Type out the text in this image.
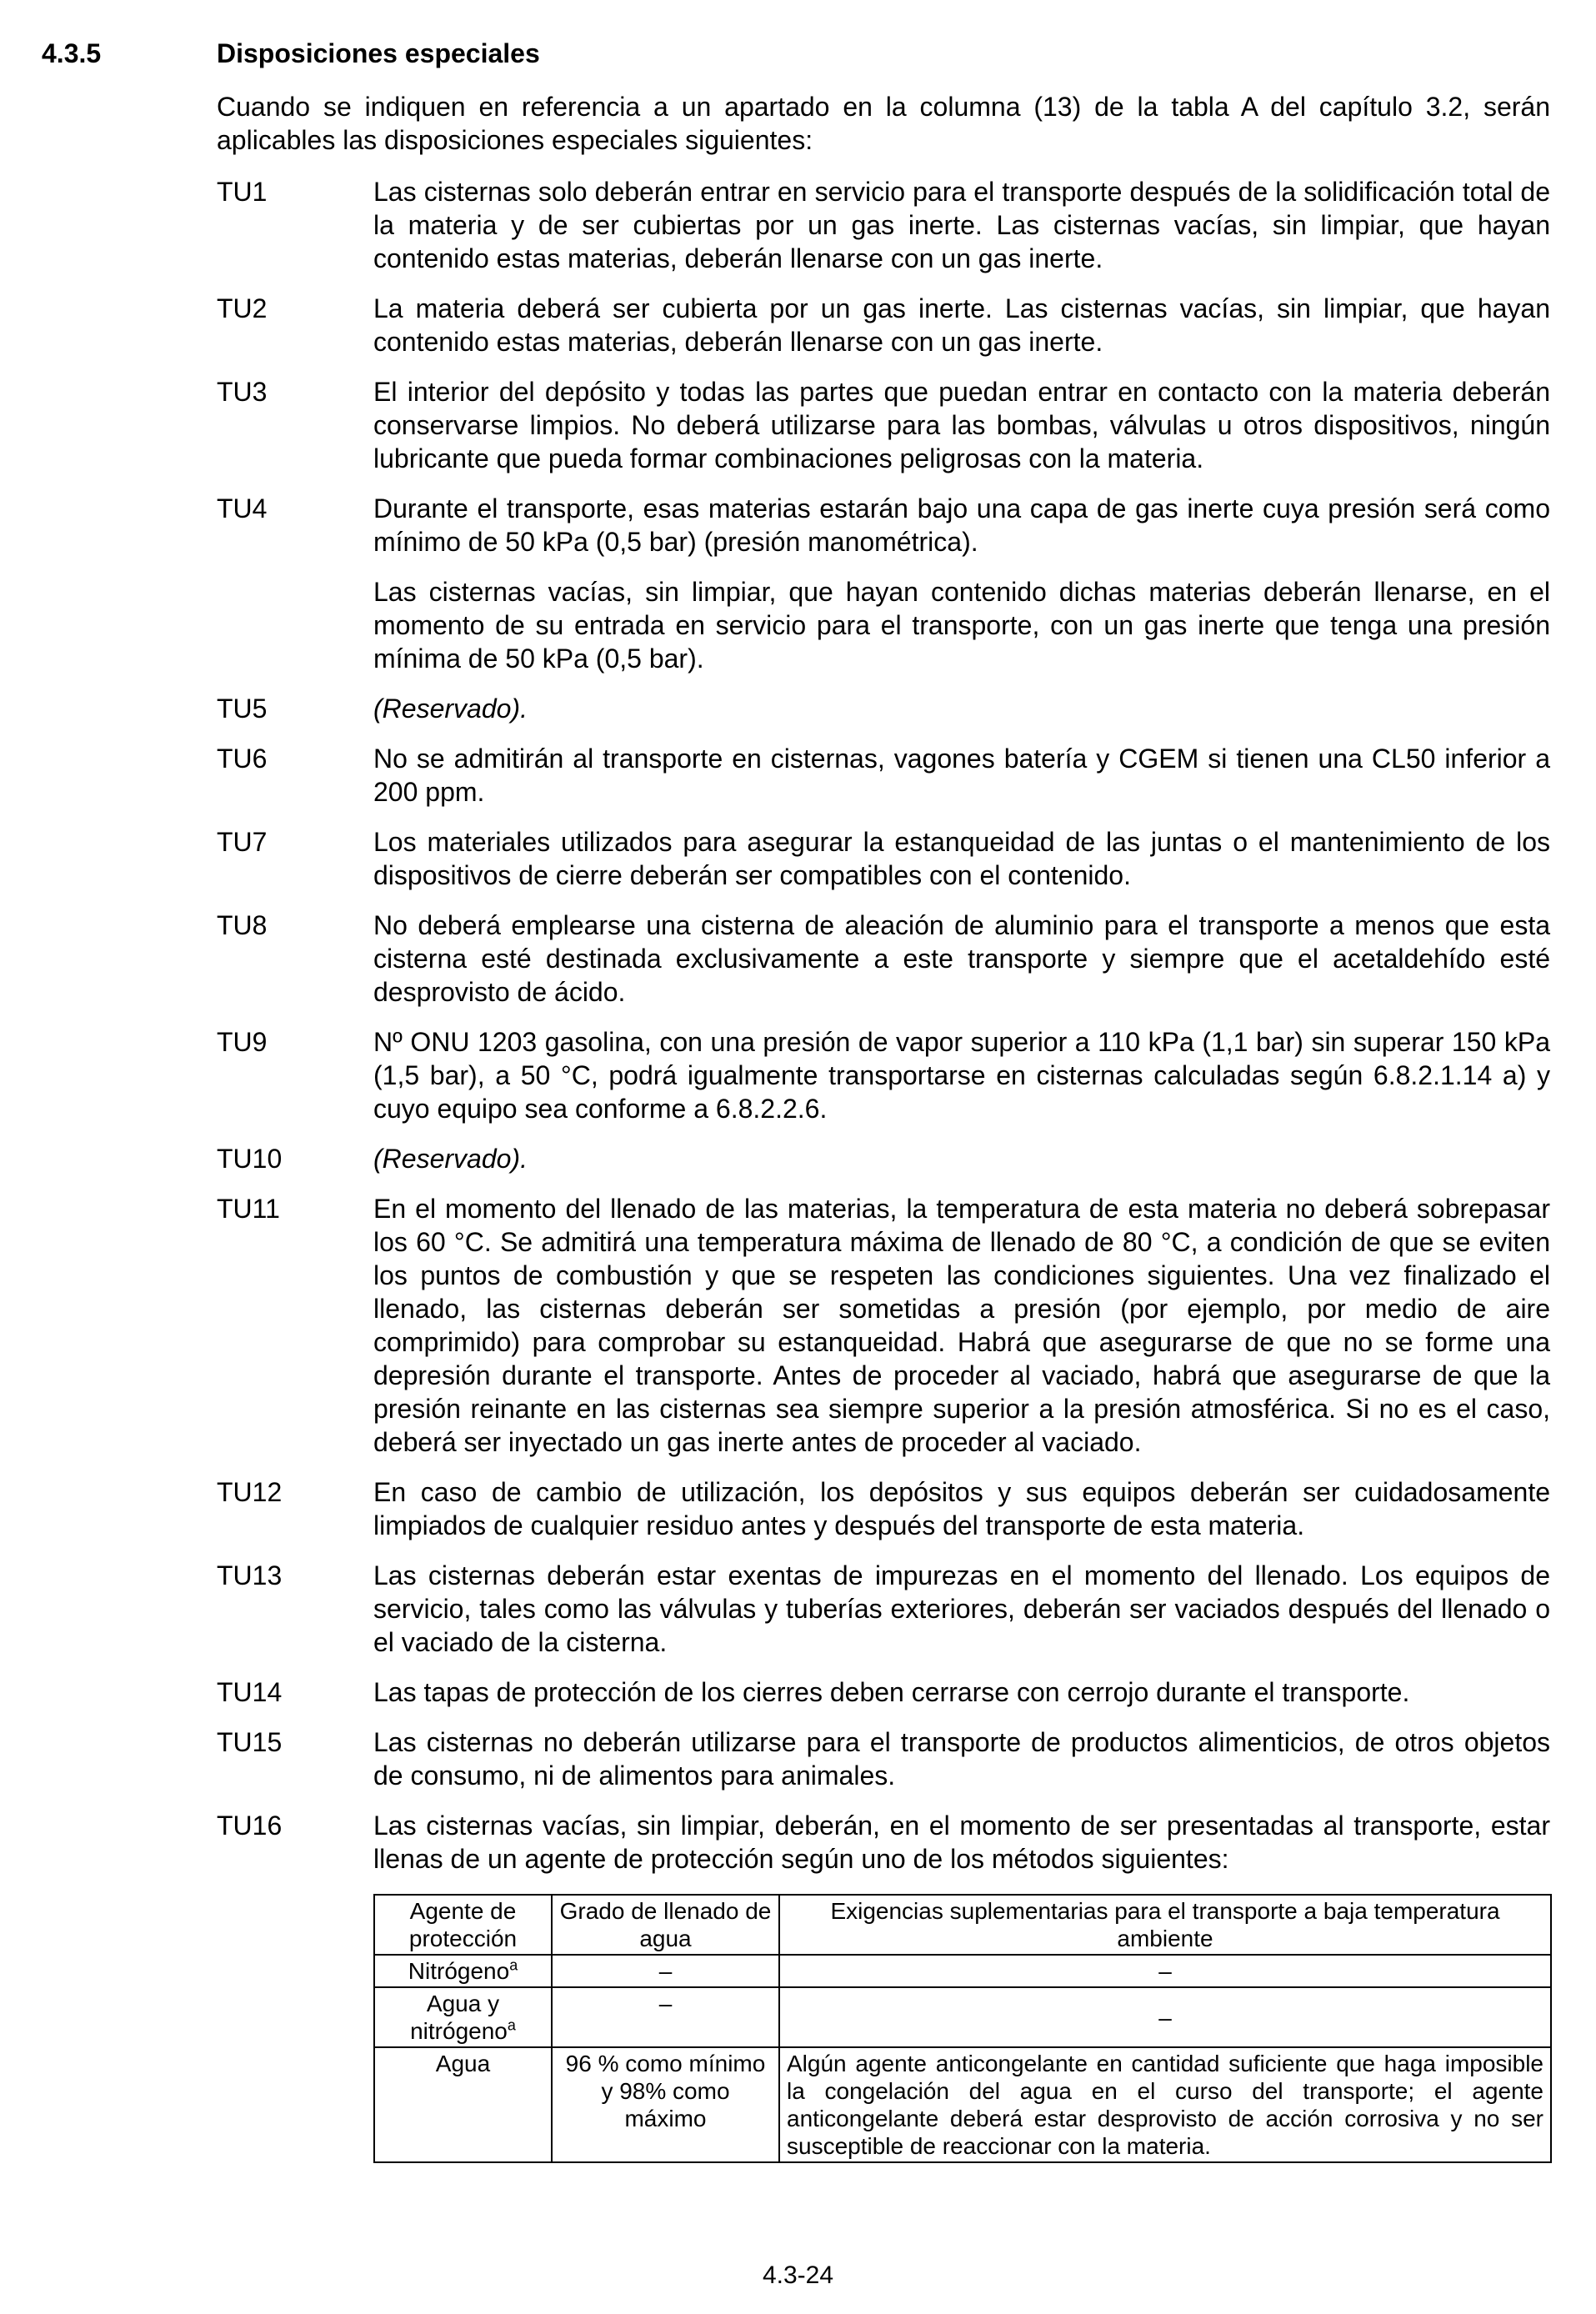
4.3.5	Disposiciones especiales

Cuando se indiquen en referencia a un apartado en la columna (13) de la tabla A del capítulo 3.2, serán aplicables las disposiciones especiales siguientes:

TU1	Las cisternas solo deberán entrar en servicio para el transporte después de la solidificación total de la materia y de ser cubiertas por un gas inerte. Las cisternas vacías, sin limpiar, que hayan contenido estas materias, deberán llenarse con un gas inerte.

TU2	La materia deberá ser cubierta por un gas inerte. Las cisternas vacías, sin limpiar, que hayan contenido estas materias, deberán llenarse con un gas inerte.

TU3	El interior del depósito y todas las partes que puedan entrar en contacto con la materia deberán conservarse limpios. No deberá utilizarse para las bombas, válvulas u otros dispositivos, ningún lubricante que pueda formar combinaciones peligrosas con la materia.

TU4	Durante el transporte, esas materias estarán bajo una capa de gas inerte cuya presión será como mínimo de 50 kPa (0,5 bar) (presión manométrica).

Las cisternas vacías, sin limpiar, que hayan contenido dichas materias deberán llenarse, en el momento de su entrada en servicio para el transporte, con un gas inerte que tenga una presión mínima de 50 kPa (0,5 bar).

TU5	(Reservado).

TU6	No se admitirán al transporte en cisternas, vagones batería y CGEM si tienen una CL50 inferior a 200 ppm.

TU7	Los materiales utilizados para asegurar la estanqueidad de las juntas o el mantenimiento de los dispositivos de cierre deberán ser compatibles con el contenido.

TU8	No deberá emplearse una cisterna de aleación de aluminio para el transporte a menos que esta cisterna esté destinada exclusivamente a este transporte y siempre que el acetaldehído esté desprovisto de ácido.

TU9	Nº ONU 1203 gasolina, con una presión de vapor superior a 110 kPa (1,1 bar) sin superar 150 kPa (1,5 bar), a 50 °C, podrá igualmente transportarse en cisternas calculadas según 6.8.2.1.14 a) y cuyo equipo sea conforme a 6.8.2.2.6.

TU10	(Reservado).

TU11	En el momento del llenado de las materias, la temperatura de esta materia no deberá sobrepasar los 60 °C. Se admitirá una temperatura máxima de llenado de 80 °C, a condición de que se eviten los puntos de combustión y que se respeten las condiciones siguientes. Una vez finalizado el llenado, las cisternas deberán ser sometidas a presión (por ejemplo, por medio de aire comprimido) para comprobar su estanqueidad. Habrá que asegurarse de que no se forme una depresión durante el transporte. Antes de proceder al vaciado, habrá que asegurarse de que la presión reinante en las cisternas sea siempre superior a la presión atmosférica. Si no es el caso, deberá ser inyectado un gas inerte antes de proceder al vaciado.

TU12	En caso de cambio de utilización, los depósitos y sus equipos deberán ser cuidadosamente limpiados de cualquier residuo antes y después del transporte de esta materia.

TU13	Las cisternas deberán estar exentas de impurezas en el momento del llenado. Los equipos de servicio, tales como las válvulas y tuberías exteriores, deberán ser vaciados después del llenado o el vaciado de la cisterna.

TU14	Las tapas de protección de los cierres deben cerrarse con cerrojo durante el transporte.

TU15	Las cisternas no deberán utilizarse para el transporte de productos alimenticios, de otros objetos de consumo, ni de alimentos para animales.

TU16	Las cisternas vacías, sin limpiar, deberán, en el momento de ser presentadas al transporte, estar llenas de un agente de protección según uno de los métodos siguientes:

Agente de protección	Grado de llenado de agua	Exigencias suplementarias para el transporte a baja temperatura ambiente
Nitrógeno$^a$	–	–
Agua y nitrógeno$^a$	–	–
Agua	96 % como mínimo y 98% como máximo	Algún agente anticongelante en cantidad suficiente que haga imposible la congelación del agua en el curso del transporte; el agente anticongelante deberá estar desprovisto de acción corrosiva y no ser susceptible de reaccionar con la materia.
4.3-24
